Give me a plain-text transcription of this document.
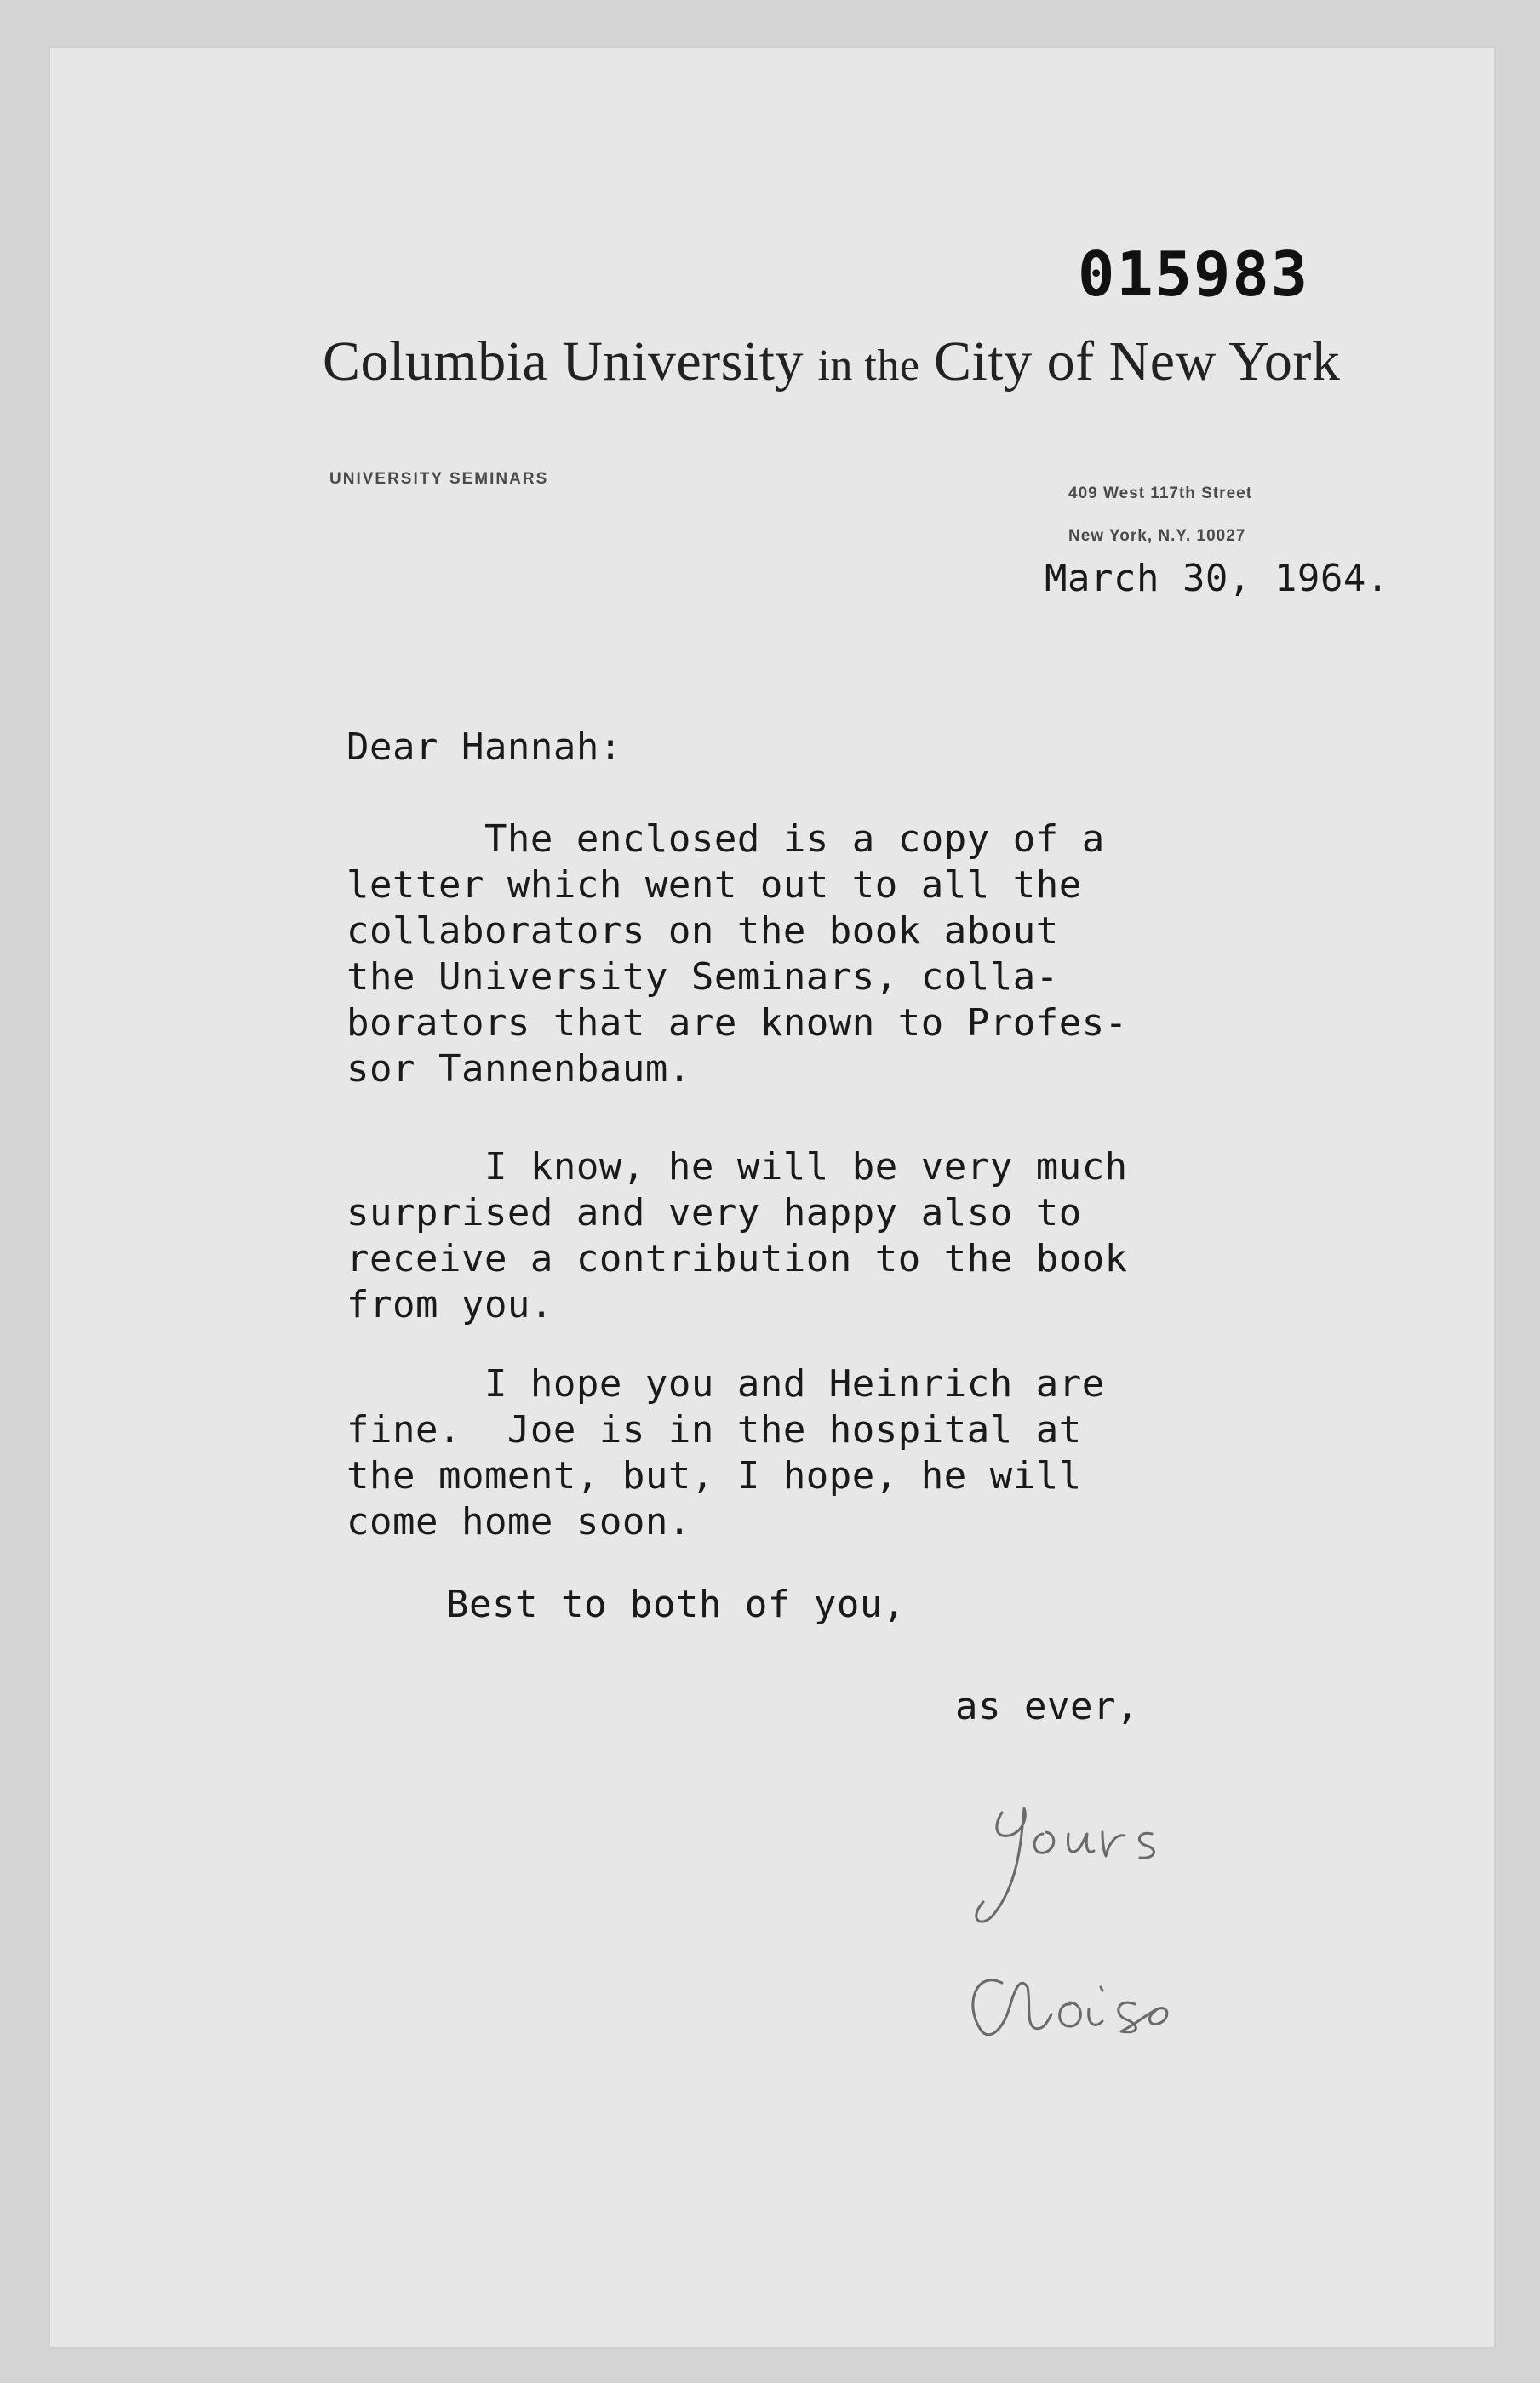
015983

Columbia University in the City of New York

UNIVERSITY SEMINARS

409 West 117th Street

New York, N.Y. 10027

March 30, 1964.

Dear Hannah:

The enclosed is a copy of a
letter which went out to all the
collaborators on the book about
the University Seminars, colla-
borators that are known to Profes-
sor Tannenbaum.

I know, he will be very much
surprised and very happy also to
receive a contribution to the book
from you.

I hope you and Heinrich are
fine.  Joe is in the hospital at
the moment, but, I hope, he will
come home soon.

Best to both of you,

as ever,
